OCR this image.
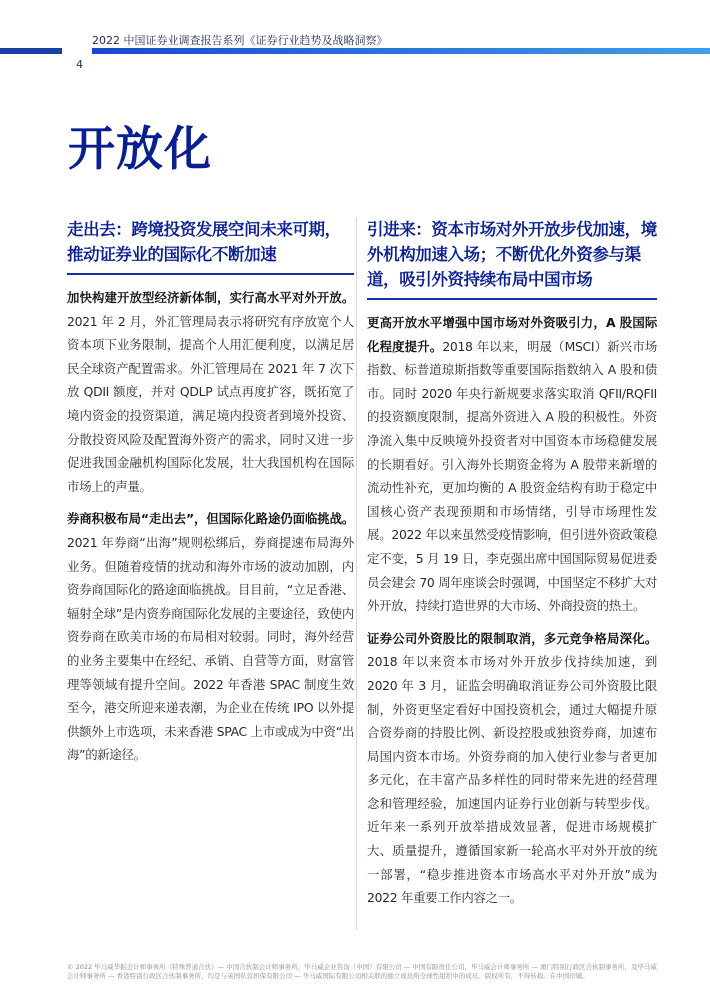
2022 中国证券业调查报告系列《证券行业趋势及战略洞察》
4
开放化
走出去：跨境投资发展空间未来可期，推动证券业的国际化不断加速

加快构建开放型经济新体制，实行高水平对外开放。2021 年 2 月，外汇管理局表示将研究有序放宽个人资本项下业务限制，提高个人用汇便利度，以满足居民全球资产配置需求。外汇管理局在 2021 年 7 次下放 QDII 额度，并对 QDLP 试点再度扩容，既拓宽了境内资金的投资渠道，满足境内投资者到境外投资、分散投资风险及配置海外资产的需求，同时又进一步促进我国金融机构国际化发展，壮大我国机构在国际市场上的声量。

券商积极布局“走出去”，但国际化路途仍面临挑战。2021 年券商“出海”规则松绑后，券商提速布局海外业务。但随着疫情的扰动和海外市场的波动加剧，内资券商国际化的路途面临挑战。目目前，“立足香港、辐射全球”是内资券商国际化发展的主要途径，致使内资券商在欧美市场的布局相对较弱。同时，海外经营的业务主要集中在经纪、承销、自营等方面，财富管理等领域有提升空间。2022 年香港 SPAC 制度生效至今，港交所迎来递表潮，为企业在传统 IPO 以外提供额外上市选项，未来香港 SPAC 上市或成为中资“出海”的新途径。

引进来：资本市场对外开放步伐加速，境外机构加速入场；不断优化外资参与渠道，吸引外资持续布局中国市场

更高开放水平增强中国市场对外资吸引力，A 股国际化程度提升。2018 年以来，明晟（MSCI）新兴市场指数、标普道琼斯指数等重要国际指数纳入 A 股和债市。同时 2020 年央行新规要求落实取消 QFII/RQFII 的投资额度限制，提高外资进入 A 股的积极性。外资净流入集中反映境外投资者对中国资本市场稳健发展的长期看好。引入海外长期资金将为 A 股带来新增的流动性补充，更加均衡的 A 股资金结构有助于稳定中国核心资产表现预期和市场情绪，引导市场理性发展。2022 年以来虽然受疫情影响，但引进外资政策稳定不变，5 月 19 日，李克强出席中国国际贸易促进委员会建会 70 周年座谈会时强调，中国坚定不移扩大对外开放，持续打造世界的大市场、外商投资的热土。

证券公司外资股比的限制取消，多元竞争格局深化。2018 年以来资本市场对外开放步伐持续加速，到 2020 年 3 月，证监会明确取消证券公司外资股比限制，外资更坚定看好中国投资机会，通过大幅提升原合资券商的持股比例、新设控股或独资券商，加速布局国内资本市场。外资券商的加入使行业参与者更加多元化，在丰富产品多样性的同时带来先进的经营理念和管理经验，加速国内证券行业创新与转型步伐。近年来一系列开放举措成效显著，促进市场规模扩大、质量提升，遵循国家新一轮高水平对外开放的统一部署，“稳步推进资本市场高水平对外开放”成为 2022 年重要工作内容之一。

© 2022 毕马威华振会计师事务所（特殊普通合伙）— 中国合伙制会计师事务所，毕马威企业咨询（中国）有限公司 — 中国有限责任公司，毕马威会计师事务所 — 澳门特别行政区合伙制事务所，及毕马威会计师事务所 — 香港特别行政区合伙制事务所，均是与英国私营担保有限公司 — 毕马威国际有限公司相关联的独立成员所全球性组织中的成员。版权所有，不得转载。在中国印刷。
